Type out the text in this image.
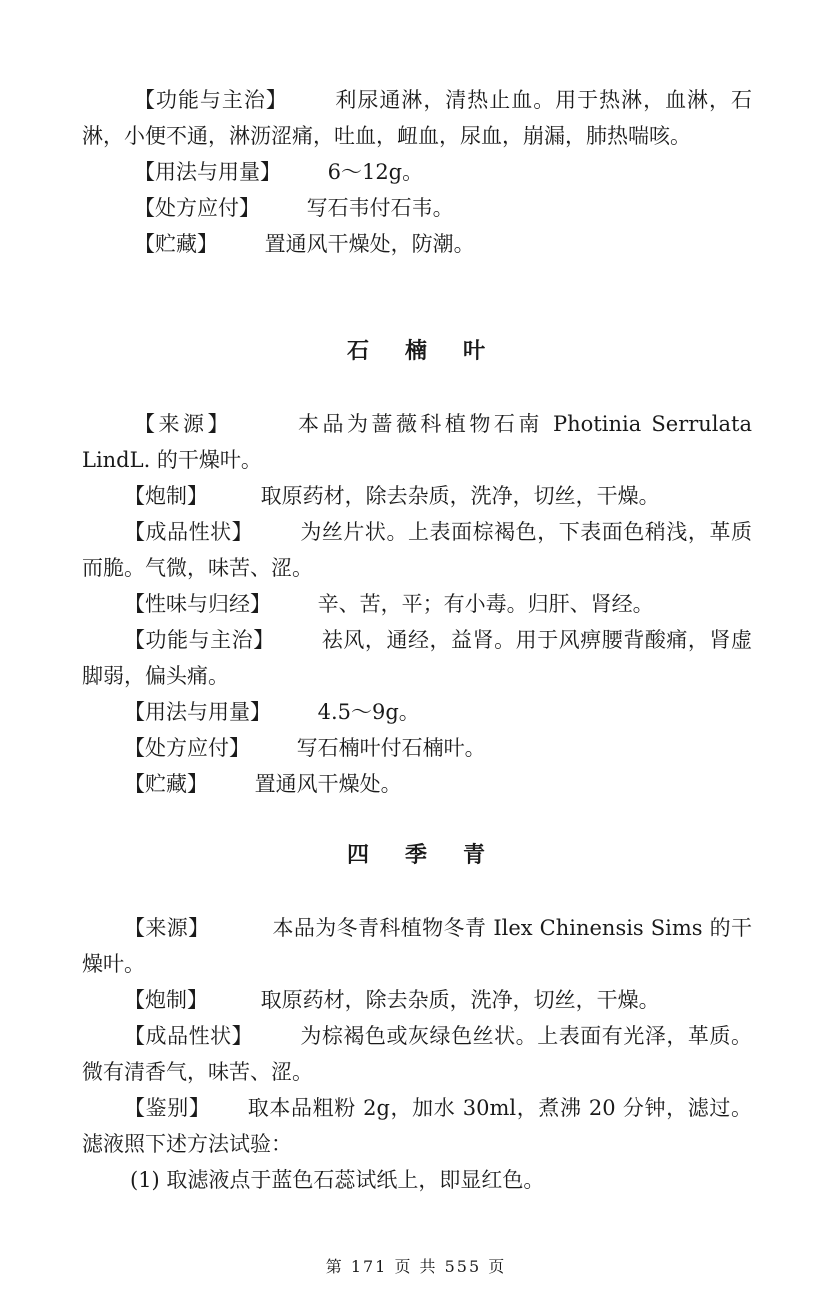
【功能与主治】 利尿通淋，清热止血。用于热淋，血淋，石淋，小便不通，淋沥涩痛，吐血，衄血，尿血，崩漏，肺热喘咳。

【用法与用量】 6～12g。

【处方应付】 写石韦付石韦。

【贮藏】 置通风干燥处，防潮。

石楠叶

【来源】	本品为蔷薇科植物石南 Photinia Serrulata LindL. 的干燥叶。

【炮制】	取原药材，除去杂质，洗净，切丝，干燥。

【成品性状】 为丝片状。上表面棕褐色，下表面色稍浅，革质而脆。气微，味苦、涩。

【性味与归经】 辛、苦，平；有小毒。归肝、肾经。

【功能与主治】 祛风，通经，益肾。用于风痹腰背酸痛，肾虚脚弱，偏头痛。

【用法与用量】 4.5～9g。

【处方应付】 写石楠叶付石楠叶。

【贮藏】 置通风干燥处。

四季青

【来源】	本品为冬青科植物冬青 Ilex Chinensis Sims 的干燥叶。

【炮制】	取原药材，除去杂质，洗净，切丝，干燥。

【成品性状】 为棕褐色或灰绿色丝状。上表面有光泽，革质。微有清香气，味苦、涩。

【鉴别】 取本品粗粉 2g，加水 30ml，煮沸 20 分钟，滤过。滤液照下述方法试验：

(1) 取滤液点于蓝色石蕊试纸上，即显红色。

第 171 页 共 555 页
